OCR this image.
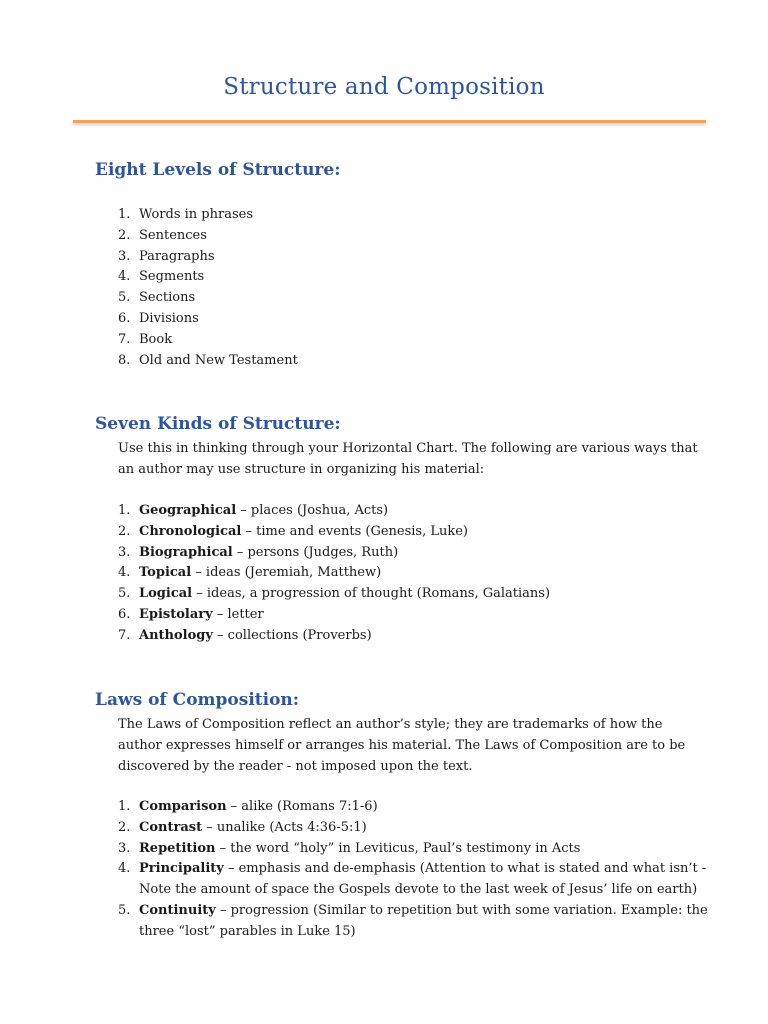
Structure and Composition
Eight Levels of Structure:
1. Words in phrases
2. Sentences
3. Paragraphs
4. Segments
5. Sections
6. Divisions
7. Book
8. Old and New Testament
Seven Kinds of Structure:

Use this in thinking through your Horizontal Chart. The following are various ways that an author may use structure in organizing his material:

1. Geographical – places (Joshua, Acts)
2. Chronological – time and events (Genesis, Luke)
3. Biographical – persons (Judges, Ruth)
4. Topical – ideas (Jeremiah, Matthew)
5. Logical – ideas, a progression of thought (Romans, Galatians)
6. Epistolary – letter
7. Anthology – collections (Proverbs)
Laws of Composition:

The Laws of Composition reflect an author’s style; they are trademarks of how the author expresses himself or arranges his material. The Laws of Composition are to be discovered by the reader - not imposed upon the text.

1. Comparison – alike (Romans 7:1-6)
2. Contrast – unalike (Acts 4:36-5:1)
3. Repetition – the word “holy” in Leviticus, Paul’s testimony in Acts
4. Principality – emphasis and de-emphasis (Attention to what is stated and what isn’t - Note the amount of space the Gospels devote to the last week of Jesus’ life on earth)
5. Continuity – progression (Similar to repetition but with some variation. Example: the three “lost” parables in Luke 15)
